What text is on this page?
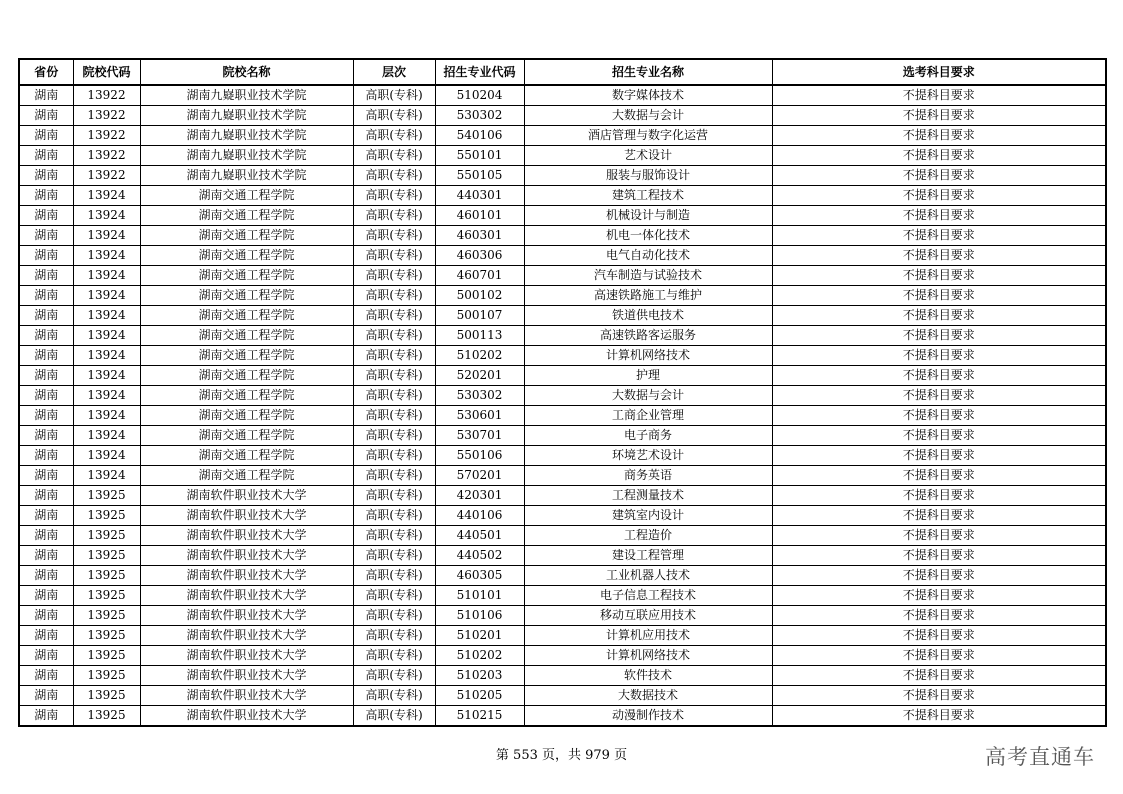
省份	院校代码	院校名称	层次	招生专业代码	招生专业名称	选考科目要求
湖南	13922	湖南九嶷职业技术学院	高职(专科)	510204	数字媒体技术	不提科目要求
湖南	13922	湖南九嶷职业技术学院	高职(专科)	530302	大数据与会计	不提科目要求
湖南	13922	湖南九嶷职业技术学院	高职(专科)	540106	酒店管理与数字化运营	不提科目要求
湖南	13922	湖南九嶷职业技术学院	高职(专科)	550101	艺术设计	不提科目要求
湖南	13922	湖南九嶷职业技术学院	高职(专科)	550105	服装与服饰设计	不提科目要求
湖南	13924	湖南交通工程学院	高职(专科)	440301	建筑工程技术	不提科目要求
湖南	13924	湖南交通工程学院	高职(专科)	460101	机械设计与制造	不提科目要求
湖南	13924	湖南交通工程学院	高职(专科)	460301	机电一体化技术	不提科目要求
湖南	13924	湖南交通工程学院	高职(专科)	460306	电气自动化技术	不提科目要求
湖南	13924	湖南交通工程学院	高职(专科)	460701	汽车制造与试验技术	不提科目要求
湖南	13924	湖南交通工程学院	高职(专科)	500102	高速铁路施工与维护	不提科目要求
湖南	13924	湖南交通工程学院	高职(专科)	500107	铁道供电技术	不提科目要求
湖南	13924	湖南交通工程学院	高职(专科)	500113	高速铁路客运服务	不提科目要求
湖南	13924	湖南交通工程学院	高职(专科)	510202	计算机网络技术	不提科目要求
湖南	13924	湖南交通工程学院	高职(专科)	520201	护理	不提科目要求
湖南	13924	湖南交通工程学院	高职(专科)	530302	大数据与会计	不提科目要求
湖南	13924	湖南交通工程学院	高职(专科)	530601	工商企业管理	不提科目要求
湖南	13924	湖南交通工程学院	高职(专科)	530701	电子商务	不提科目要求
湖南	13924	湖南交通工程学院	高职(专科)	550106	环境艺术设计	不提科目要求
湖南	13924	湖南交通工程学院	高职(专科)	570201	商务英语	不提科目要求
湖南	13925	湖南软件职业技术大学	高职(专科)	420301	工程测量技术	不提科目要求
湖南	13925	湖南软件职业技术大学	高职(专科)	440106	建筑室内设计	不提科目要求
湖南	13925	湖南软件职业技术大学	高职(专科)	440501	工程造价	不提科目要求
湖南	13925	湖南软件职业技术大学	高职(专科)	440502	建设工程管理	不提科目要求
湖南	13925	湖南软件职业技术大学	高职(专科)	460305	工业机器人技术	不提科目要求
湖南	13925	湖南软件职业技术大学	高职(专科)	510101	电子信息工程技术	不提科目要求
湖南	13925	湖南软件职业技术大学	高职(专科)	510106	移动互联应用技术	不提科目要求
湖南	13925	湖南软件职业技术大学	高职(专科)	510201	计算机应用技术	不提科目要求
湖南	13925	湖南软件职业技术大学	高职(专科)	510202	计算机网络技术	不提科目要求
湖南	13925	湖南软件职业技术大学	高职(专科)	510203	软件技术	不提科目要求
湖南	13925	湖南软件职业技术大学	高职(专科)	510205	大数据技术	不提科目要求
湖南	13925	湖南软件职业技术大学	高职(专科)	510215	动漫制作技术	不提科目要求
第 553 页，共 979 页	高考直通车
